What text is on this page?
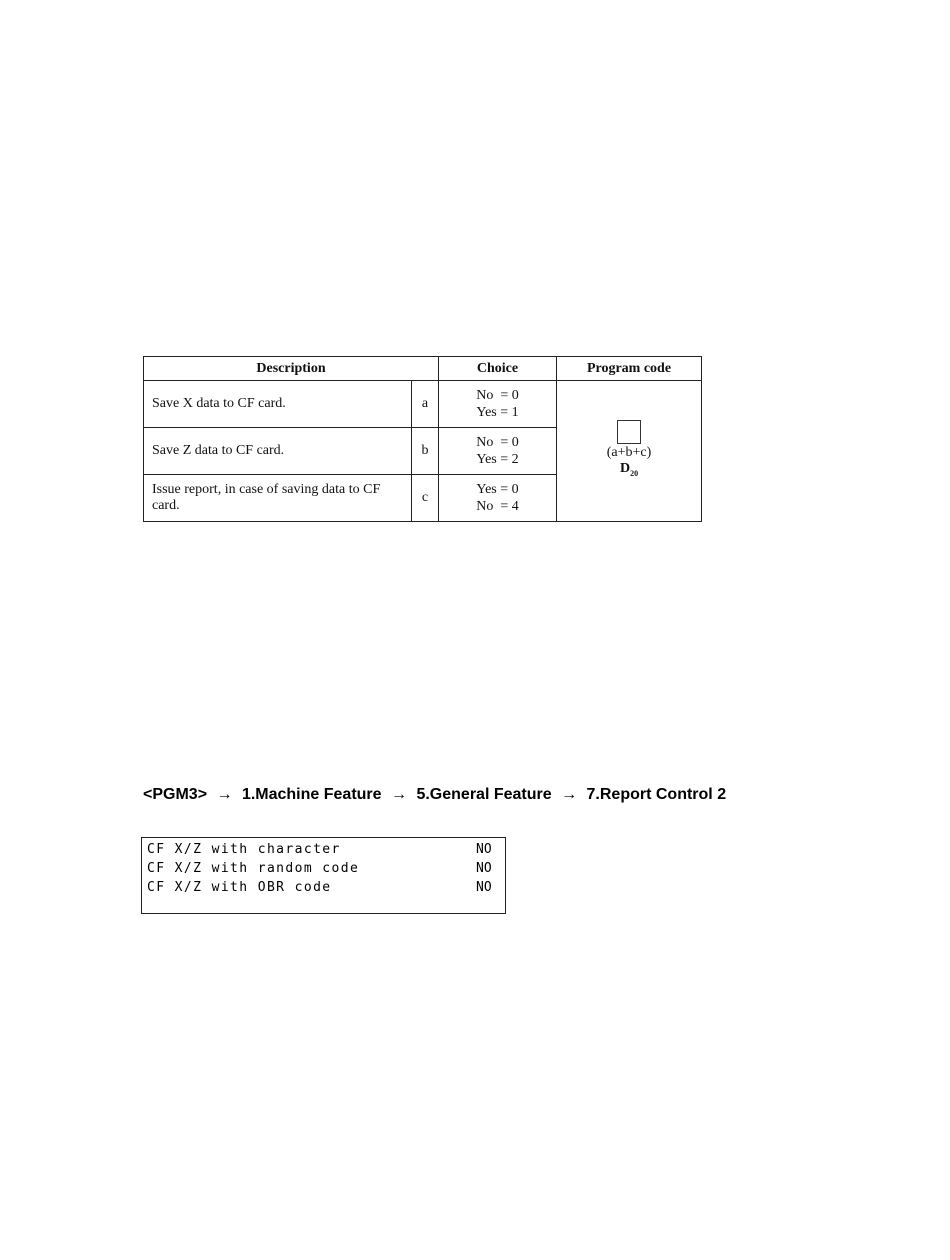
Description		Choice	Program code
Save X data to CF card.	a	No  = 0
Yes = 1	(a+b+c)
$D_{20}$

Save Z data to CF card.	b	No  = 0
Yes = 2	

Issue report, in case of saving data to CF card.	c	Yes = 0
No  = 4	
<PGM3> → 1.Machine Feature → 5.General Feature → 7.Report Control 2
CF X/Z with character	NO
CF X/Z with random code	NO
CF X/Z with OBR code	NO
